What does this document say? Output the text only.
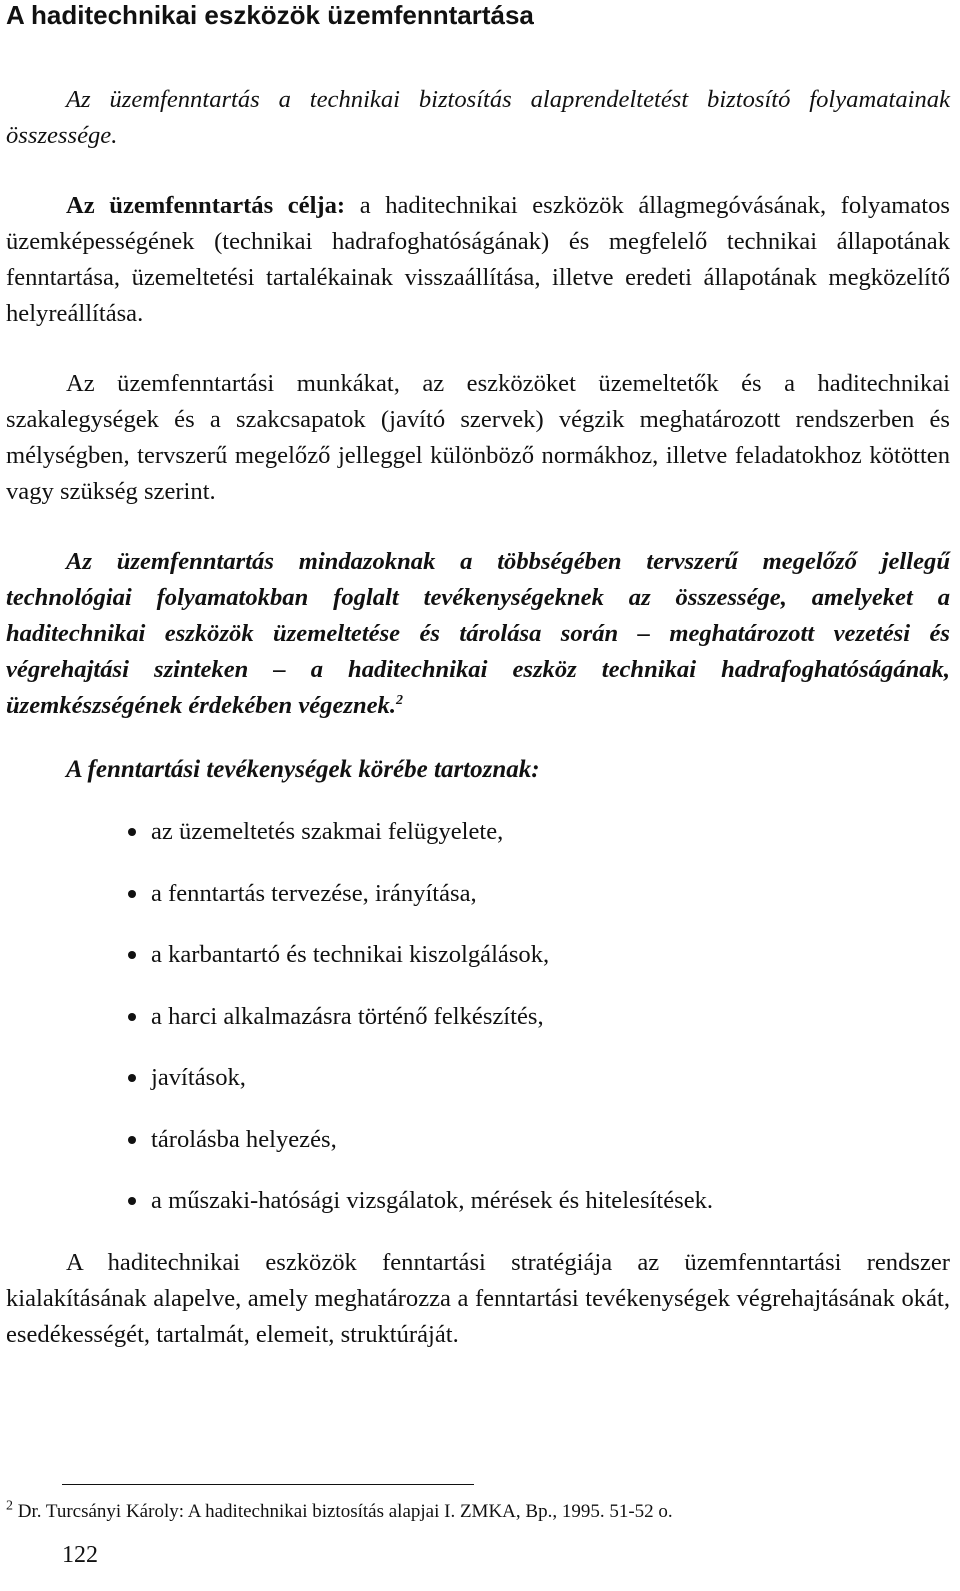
A haditechnikai eszközök üzemfenntartása

Az üzemfenntartás a technikai biztosítás alaprendeltetést biztosító folyamatainak összessége.

Az üzemfenntartás célja: a haditechnikai eszközök állagmegóvásának, folyamatos üzemképességének (technikai hadrafoghatóságának) és megfelelő technikai állapotának fenntartása, üzemeltetési tartalékainak visszaállítása, illetve eredeti állapotának megközelítő helyreállítása.

Az üzemfenntartási munkákat, az eszközöket üzemeltetők és a haditechnikai szakalegységek és a szakcsapatok (javító szervek) végzik meghatározott rendszerben és mélységben, tervszerű megelőző jelleggel különböző normákhoz, illetve feladatokhoz kötötten vagy szükség szerint.

Az üzemfenntartás mindazoknak a többségében tervszerű megelőző jellegű technológiai folyamatokban foglalt tevékenységeknek az összessége, amelyeket a haditechnikai eszközök üzemeltetése és tárolása során – meghatározott vezetési és végrehajtási szinteken – a haditechnikai eszköz technikai hadrafoghatóságának, üzemkészségének érdekében végeznek.$^2$

A fenntartási tevékenységek körébe tartoznak:
az üzemeltetés szakmai felügyelete,
a fenntartás tervezése, irányítása,
a karbantartó és technikai kiszolgálások,
a harci alkalmazásra történő felkészítés,
javítások,
tárolásba helyezés,
a műszaki-hatósági vizsgálatok, mérések és hitelesítések.

A haditechnikai eszközök fenntartási stratégiája az üzemfenntartási rendszer kialakításának alapelve, amely meghatározza a fenntartási tevékenységek végrehajtásának okát, esedékességét, tartalmát, elemeit, struktúráját.

$^2$ Dr. Turcsányi Károly: A haditechnikai biztosítás alapjai I. ZMKA, Bp., 1995. 51-52 o.
122
